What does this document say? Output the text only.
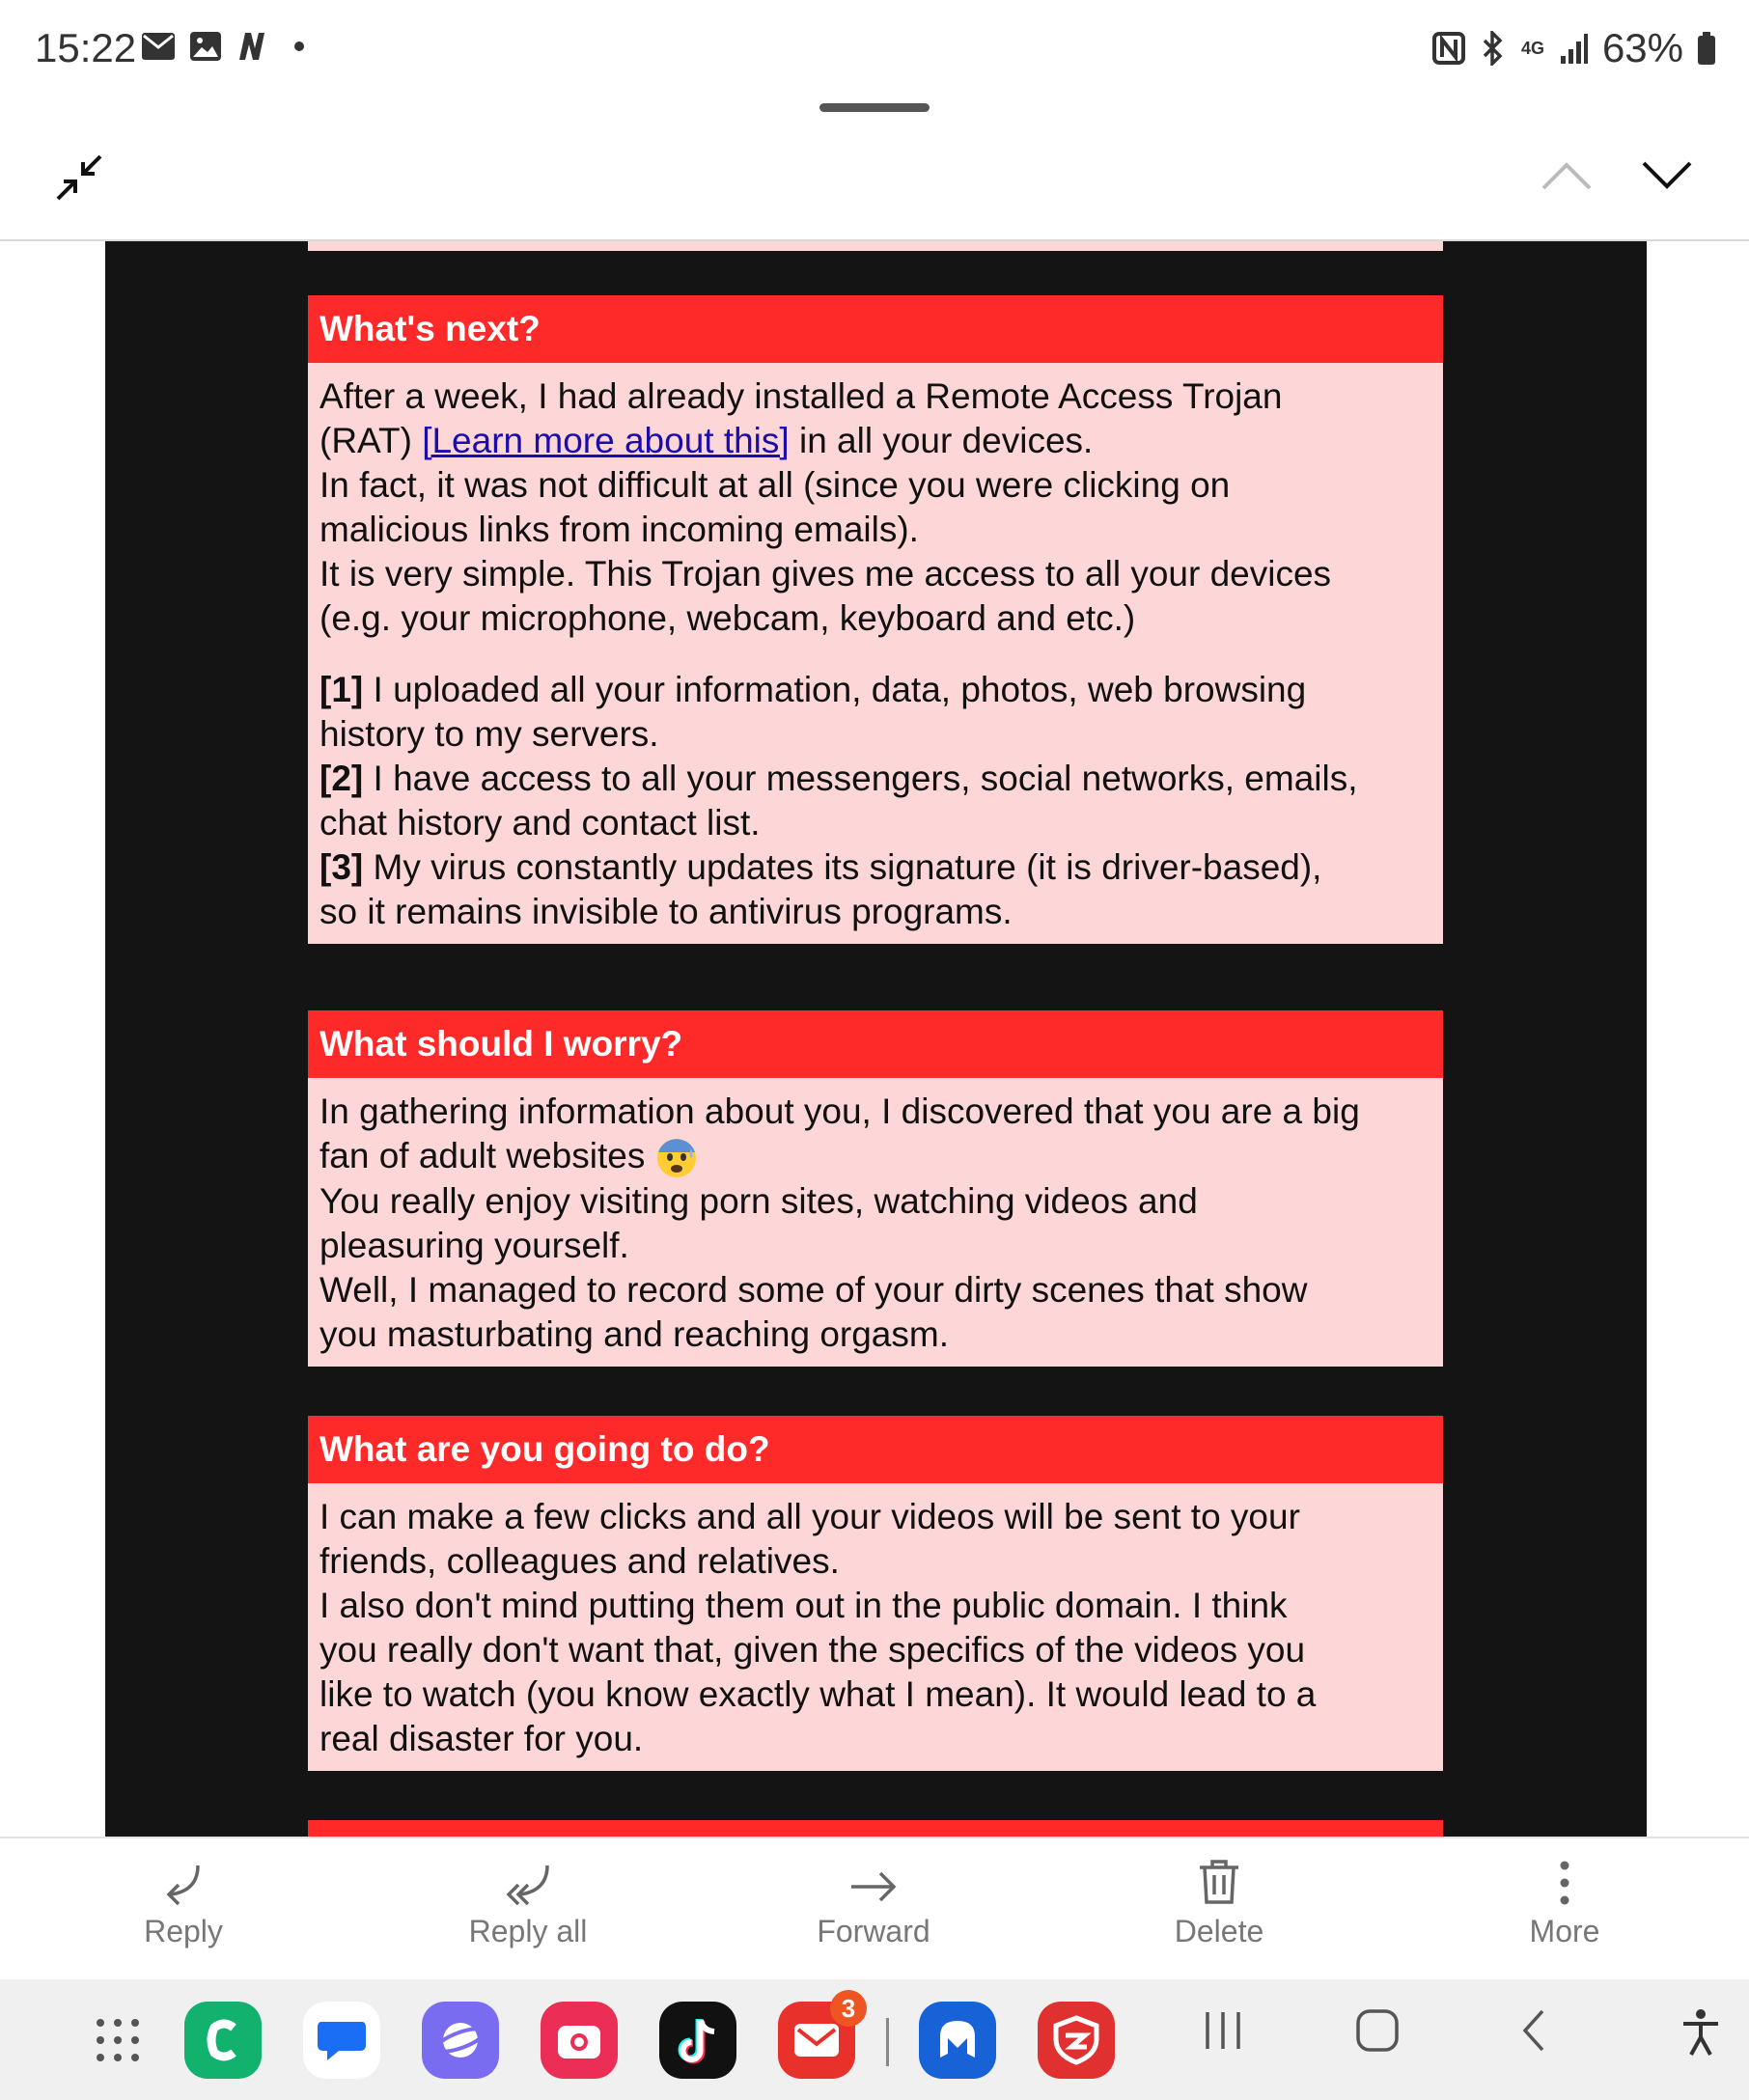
15:22	4G 63%
What's next?

After a week, I had already installed a Remote Access Trojan

(RAT) [Learn more about this] in all your devices.

In fact, it was not difficult at all (since you were clicking on

malicious links from incoming emails).

It is very simple. This Trojan gives me access to all your devices

(e.g. your microphone, webcam, keyboard and etc.)

[1] I uploaded all your information, data, photos, web browsing

history to my servers.

[2] I have access to all your messengers, social networks, emails,

chat history and contact list.

[3] My virus constantly updates its signature (it is driver-based),

so it remains invisible to antivirus programs.

What should I worry?

In gathering information about you, I discovered that you are a big

fan of adult websites

You really enjoy visiting porn sites, watching videos and

pleasuring yourself.

Well, I managed to record some of your dirty scenes that show

you masturbating and reaching orgasm.

What are you going to do?

I can make a few clicks and all your videos will be sent to your

friends, colleagues and relatives.

I also don't mind putting them out in the public domain. I think

you really don't want that, given the specifics of the videos you

like to watch (you know exactly what I mean). It would lead to a

real disaster for you.

Reply	Reply all	Forward	Delete	More
3
